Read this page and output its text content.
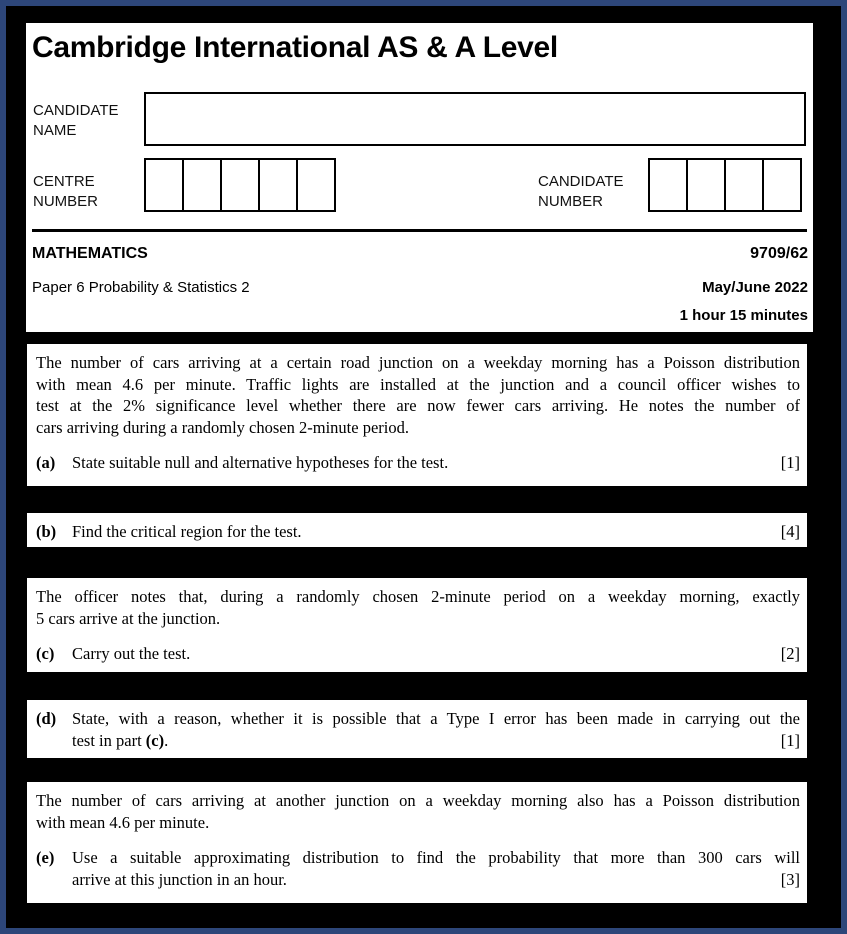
Cambridge International AS & A Level
CANDIDATE
NAME
CENTRE
NUMBER
CANDIDATE
NUMBER
MATHEMATICS	9709/62
Paper 6 Probability & Statistics 2	May/June 2022
1 hour 15 minutes
The number of cars arriving at a certain road junction on a weekday morning has a Poisson distribution
with mean 4.6 per minute. Traffic lights are installed at the junction and a council officer wishes to
test at the 2% significance level whether there are now fewer cars arriving. He notes the number of
cars arriving during a randomly chosen 2-minute period.
(a)	State suitable null and alternative hypotheses for the test.	[1]
(b) Find the critical region for the test.	[4]
The officer notes that, during a randomly chosen 2-minute period on a weekday morning, exactly
5 cars arrive at the junction.
(c)	Carry out the test.	[2]
(d) State, with a reason, whether it is possible that a Type I error has been made in carrying out the
test in part (c).	[1]
The number of cars arriving at another junction on a weekday morning also has a Poisson distribution
with mean 4.6 per minute.
(e)	Use a suitable approximating distribution to find the probability that more than 300 cars will
arrive at this junction in an hour.	[3]
